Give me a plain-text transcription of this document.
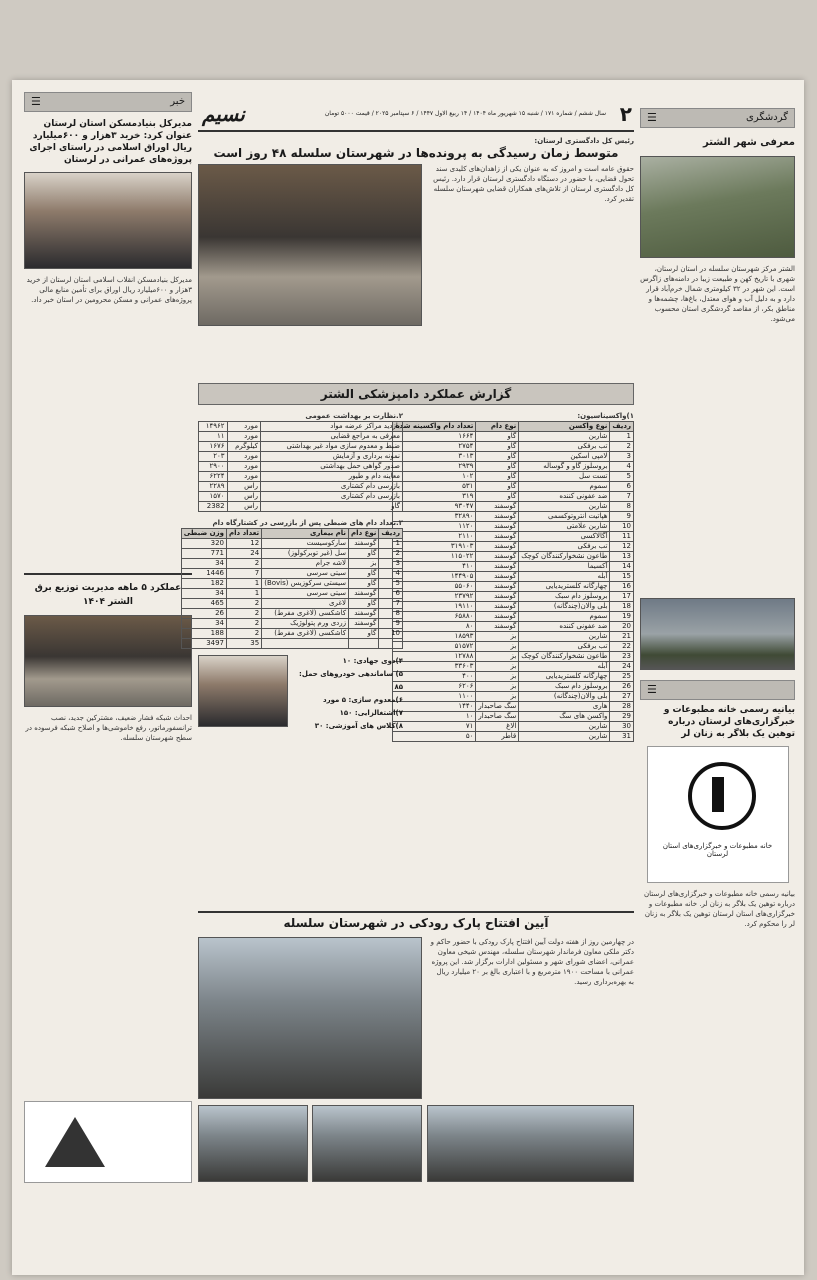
☰	گردشگری
معرفی شهر الشتر
الشتر مرکز شهرستان سلسله در استان لرستان، شهری با تاریخ کهن و طبیعت زیبا در دامنه‌های زاگرس است. این شهر در ۳۲ کیلومتری شمال خرم‌آباد قرار دارد و به دلیل آب و هوای معتدل، باغ‌ها، چشمه‌ها و مناطق بکر، از مقاصد گردشگری استان محسوب می‌شود.
☰
بیانیه رسمی خانه مطبوعات و خبرگزاری‌های لرستان درباره توهین یک بلاگر به زنان لر
خانه مطبوعات و خبرگزاری‌های استان لرستان
بیانیه رسمی خانه مطبوعات و خبرگزاری‌های لرستان درباره توهین یک بلاگر به زنان لر. خانه مطبوعات و خبرگزاری‌های استان لرستان توهین یک بلاگر به زنان لر را محکوم کرد.
☰	خبر
مدیرکل بنیادمسکن استان لرستان عنوان کرد: خرید ۳هزار و ۶۰۰میلیارد ریال اوراق اسلامی در راستای اجرای پروژه‌های عمرانی در لرستان
مدیرکل بنیادمسکن انقلاب اسلامی استان لرستان از خرید ۳هزار و ۶۰۰میلیارد ریال اوراق برای تأمین منابع مالی پروژه‌های عمرانی و مسکن محرومین در استان خبر داد.
عملکرد ۵ ماهه مدیریت توزیع برق الشتر ۱۴۰۴
احداث شبکه فشار ضعیف، مشترکین جدید، نصب ترانسفورماتور، رفع خاموشی‌ها و اصلاح شبکه فرسوده در سطح شهرستان سلسله.
۲
سال ششم / شماره ۱۷۱ / شنبه ۱۵ شهریور ماه ۱۴۰۴ / ۱۴ ربیع الاول ۱۴۴۷ / ۶ سپتامبر ۲۰۲۵ / قیمت ۵۰۰۰ تومان
نسیم
رئیس کل دادگستری لرستان:
متوسط زمان رسیدگی به پرونده‌ها در شهرستان سلسله ۴۸ روز است
حقوق عامه است و امروز که به عنوان یکی از زاهدان‌های کلیدی سند تحول قضایی، با حضور در دستگاه دادگستری لرستان قرار دارد. رئیس کل دادگستری لرستان از تلاش‌های همکاران قضایی شهرستان سلسله تقدیر کرد.
گزارش عملکرد دامپزشکی الشتر
۱)واکسیناسیون:
ردیف	نوع واکسن	نوع دام	تعداد دام واکسینه شده
1	شاربن	گاو	۱۶۶۴
2	تب برفکی	گاو	۲۷۵۴
3	لامپی اسکین	گاو	۳۰۱۳
4	بروسلوز گاو و گوساله	گاو	۲۹۳۹
5	تست سل	گاو	۱۰۲
6	سموم	گاو	۵۳۱
7	ضد عفونی کننده	گاو	۳۱۹
8	شاربن	گوسفند	۹۳۰۴۷
9	هپاتیت انتروتوکسمی	گوسفند	۳۲۸۹۰
10	شاربن علامتی	گوسفند	۱۱۲۰
11	آگالاکسی	گوسفند	۲۱۱۰
12	تب برفکی	گوسفند	۳۱۹۱۰۳
13	طاعون نشخوارکنندگان کوچک	گوسفند	۱۱۵۰۲۲
14	آکسیما	گوسفند	۴۱۰
15	آبله	گوسفند	۱۴۴۹۰۵
16	چهارگانه کلستریدیایی	گوسفند	۵۵۰۶۰
17	بروسلوز دام سبک	گوسفند	۲۳۷۹۲
18	بلی والان(چندگانه)	گوسفند	۱۹۱۱۰
19	سموم	گوسفند	۶۵۸۸۰
20	ضد عفونی کننده	گوسفند	۸۰
21	شاربن	بز	۱۸۵۹۳
22	تب برفکی	بز	۵۱۵۷۲
23	طاعون نشخوارکنندگان کوچک	بز	۱۲۷۸۸
24	آبله	بز	۳۳۶۰۳
25	چهارگانه کلستریدیایی	بز	۴۰۰
26	بروسلوز دام سبک	بز	۶۲۰۶
27	بلی والان(چندگانه)	بز	۱۱۰۰
28	هاری	سگ صاحبدار	۱۴۴۰
29	واکسن های سگ	سگ صاحبدار	۱۰
30	شاربن	الاغ	۷۱
31	شاربن	قاطر	۵۰
۲.نظارت بر بهداشت عمومی
بازدید مراکز عرضه مواد	مورد	۱۴۹۶۲
معرفی به مراجع قضایی	مورد	۱۱
ضبط و معدوم سازی مواد غیر بهداشتی	کیلوگرم	۱۶۷۶
نمونه برداری و آزمایش	مورد	۲۰۳
صدور گواهی حمل بهداشتی	مورد	۲۹۰۰
معاینه دام و طیور	مورد	۶۲۲۴
بازرسی دام کشتاری	راس	۲۲۸۹
بازرسی دام کشتاری	راس	۱۵۷۰
گاو	راس	2382
۳.تعداد دام های ضبطی پس از بازرسی در کشتارگاه دام
ردیف	نوع دام	نام بیماری	تعداد دام	وزن ضبطی
1	گوسفند	سارکوسیست	12	320
2	گاو	سل (غیر توبرکولوز)	24	771
3	بز	لاشه جرام	2	34
4	گاو	سیتی سرسی	7	1446
5	گاو	سیستی سرکوزیس (Bovis)	1	182
6	گوسفند	سیتی سرسی	1	34
7	گاو	لاغری	2	465
8	گوسفند	کاشکسی (لاغری مفرط)	2	26
9	گوسفند	زردی ورم پتولوژیک	2	34
10	گاو	کاشکسی (لاغری مفرط)	2	188
			35	3497
۴)دوی جهادی: ۱۰
۵) ساماندهی خودروهای حمل: ۸۵
۶)معدوم سازی: ۵ مورد
۷)اشتغالزایی: ۱۵۰
۸)کلاس های آموزشی: ۳۰
آیین افتتاح پارک رودکی در شهرستان سلسله
در چهارمین روز از هفته دولت آیین افتتاح پارک رودکی با حضور حاکم و دکتر ملکی معاون فرماندار شهرستان سلسله، مهندس شیخی معاون عمرانی، اعضای شورای شهر و مسئولین ادارات برگزار شد. این پروژه عمرانی با مساحت ۱۹۰۰ مترمربع و با اعتباری بالغ بر ۲۰ میلیارد ریال به بهره‌برداری رسید.
